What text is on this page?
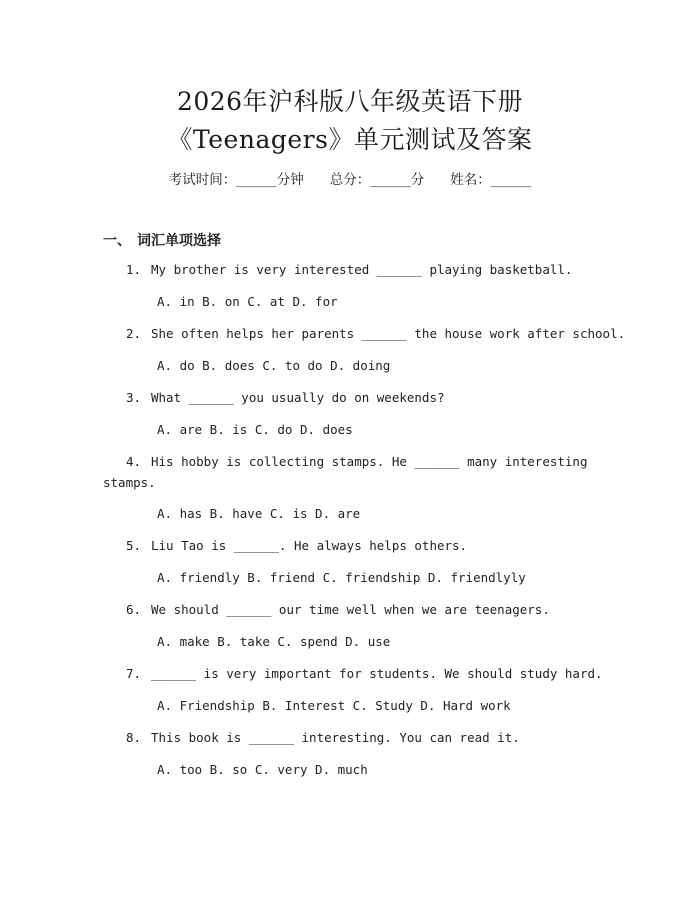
2026年沪科版八年级英语下册
《Teenagers》单元测试及答案
考试时间：______分钟 总分：______分 姓名：______
一、 词汇单项选择
1. My brother is very interested ______ playing basketball.
A. in B. on C. at D. for
2. She often helps her parents ______ the house work after school.
A. do B. does C. to do D. doing
3. What ______ you usually do on weekends?
A. are B. is C. do D. does
4. His hobby is collecting stamps. He ______ many interesting
stamps.
A. has B. have C. is D. are
5. Liu Tao is ______. He always helps others.
A. friendly B. friend C. friendship D. friendlyly
6. We should ______ our time well when we are teenagers.
A. make B. take C. spend D. use
7. ______ is very important for students. We should study hard.
A. Friendship B. Interest C. Study D. Hard work
8. This book is ______ interesting. You can read it.
A. too B. so C. very D. much
